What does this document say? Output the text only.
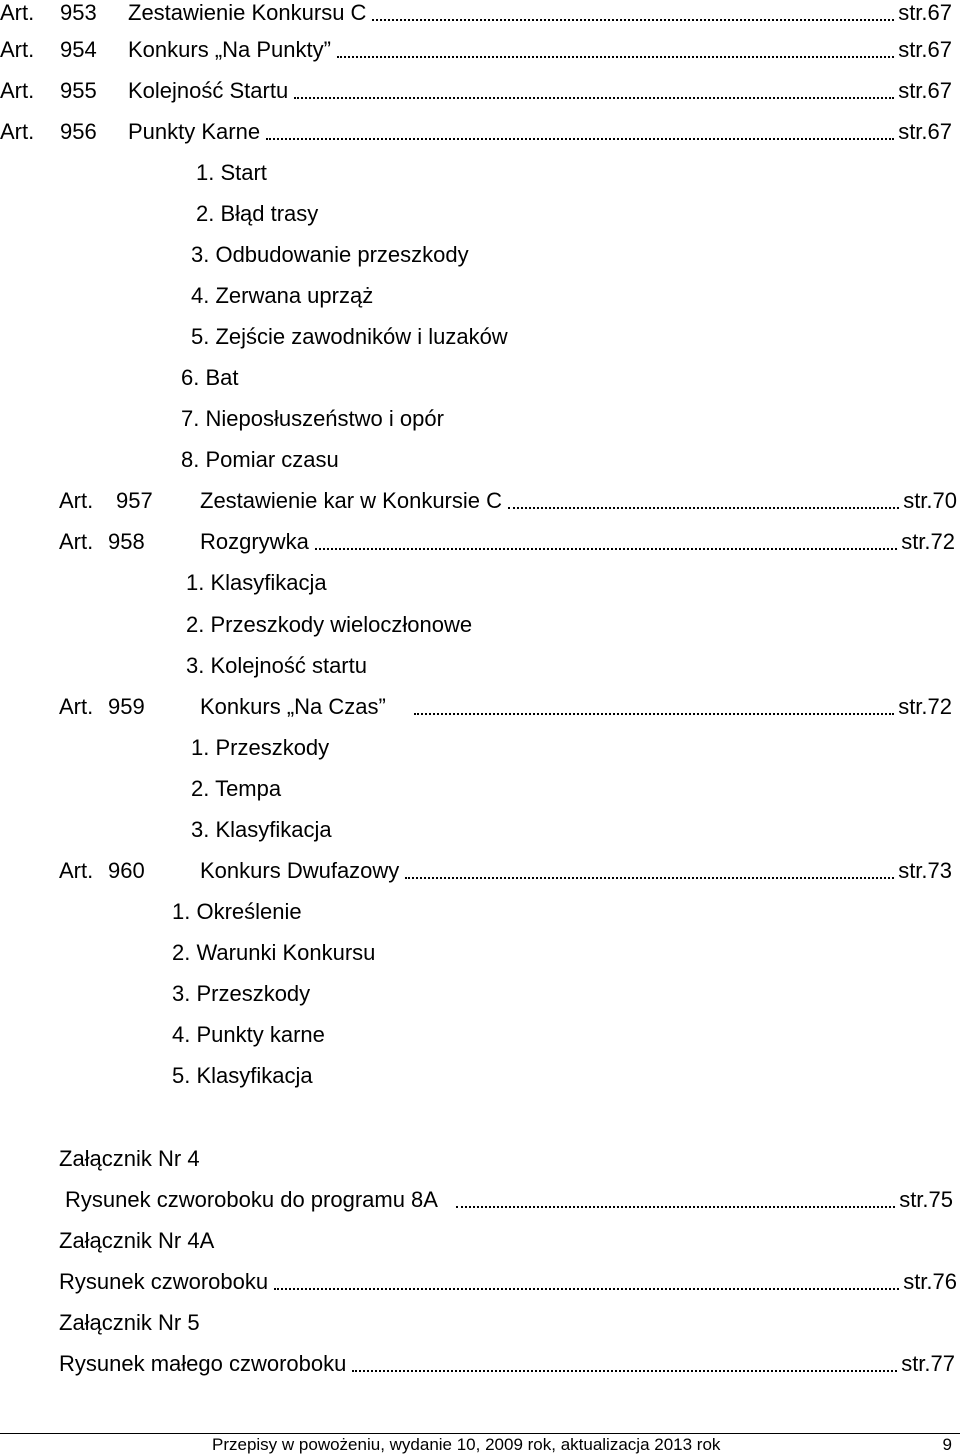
Art.	953	Zestawienie Konkursu C	str.67
Art.	954	Konkurs „Na Punkty”	str.67
Art.	955	Kolejność Startu	str.67
Art.	956	Punkty Karne	str.67
1. Start
2. Błąd trasy
3. Odbudowanie przeszkody
4. Zerwana uprząż
5. Zejście zawodników i luzaków
6. Bat
7. Nieposłuszeństwo i opór
8. Pomiar czasu
Art.	957	Zestawienie kar w Konkursie C	str.70
Art. 958	Rozgrywka	str.72
1. Klasyfikacja
2. Przeszkody wieloczłonowe
3. Kolejność startu
Art. 959	Konkurs „Na Czas”	str.72
1. Przeszkody
2. Tempa
3. Klasyfikacja
Art. 960	Konkurs Dwufazowy	str.73
1. Określenie
2. Warunki Konkursu
3. Przeszkody
4. Punkty karne
5. Klasyfikacja
Załącznik Nr 4
Rysunek czworoboku do programu 8A	str.75
Załącznik Nr 4A
Rysunek czworoboku	str.76
Załącznik Nr 5
Rysunek małego czworoboku	str.77
Przepisy w powożeniu, wydanie 10, 2009 rok, aktualizacja 2013 rok	9
